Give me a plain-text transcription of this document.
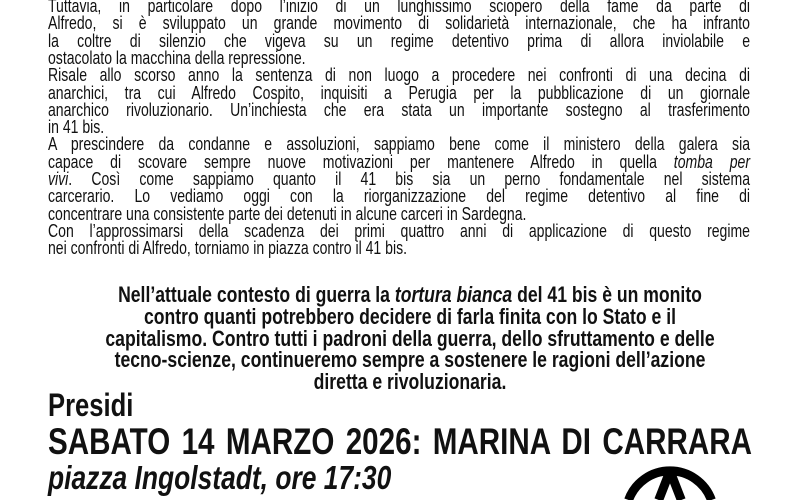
Tuttavia, in particolare dopo l’inizio di un lunghissimo sciopero della fame da parte di
Alfredo, si è sviluppato un grande movimento di solidarietà internazionale, che ha infranto
la coltre di silenzio che vigeva su un regime detentivo prima di allora inviolabile e
ostacolato la macchina della repressione.
Risale allo scorso anno la sentenza di non luogo a procedere nei confronti di una decina di
anarchici, tra cui Alfredo Cospito, inquisiti a Perugia per la pubblicazione di un giornale
anarchico rivoluzionario. Un’inchiesta che era stata un importante sostegno al trasferimento
in 41 bis.
A prescindere da condanne e assoluzioni, sappiamo bene come il ministero della galera sia
capace di scovare sempre nuove motivazioni per mantenere Alfredo in quella tomba per
vivi. Così come sappiamo quanto il 41 bis sia un perno fondamentale nel sistema
carcerario. Lo vediamo oggi con la riorganizzazione del regime detentivo al fine di
concentrare una consistente parte dei detenuti in alcune carceri in Sardegna.
Con l’approssimarsi della scadenza dei primi quattro anni di applicazione di questo regime
nei confronti di Alfredo, torniamo in piazza contro il 41 bis.
Nell’attuale contesto di guerra la tortura bianca del 41 bis è un monito
contro quanti potrebbero decidere di farla finita con lo Stato e il
capitalismo. Contro tutti i padroni della guerra, dello sfruttamento e delle
tecno-scienze, continueremo sempre a sostenere le ragioni dell’azione
diretta e rivoluzionaria.
Presidi
SABATO 14 MARZO 2026: MARINA DI CARRARA
piazza Ingolstadt, ore 17:30
